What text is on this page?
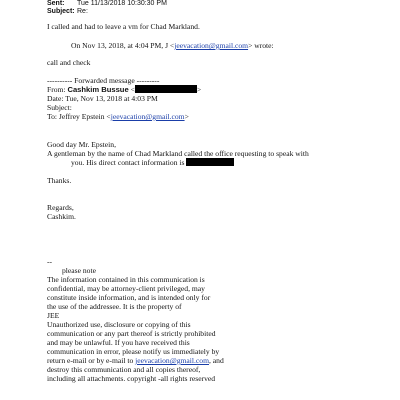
Sent: Tue 11/13/2018 10:30:30 PM
Subject: Re:
I called and had to leave a vm for Chad Markland.
On Nov 13, 2018, at 4:04 PM, J <jeevacation@gmail.com> wrote:
call and check
---------- Forwarded message ---------
From: Cashkim Bussue <	>
Date: Tue, Nov 13, 2018 at 4:03 PM
Subject:
To: Jeffrey Epstein <jeevacation@gmail.com>
Good day Mr. Epstein,
A gentleman by the name of Chad Markland called the office requesting to speak with
you. His direct contact information is
Thanks.
Regards,
Cashkim.
--
please note
The information contained in this communication is
confidential, may be attorney-client privileged, may
constitute inside information, and is intended only for
the use of the addressee. It is the property of
JEE
Unauthorized use, disclosure or copying of this
communication or any part thereof is strictly prohibited
and may be unlawful. If you have received this
communication in error, please notify us immediately by
return e-mail or by e-mail to jeevacation@gmail.com, and
destroy this communication and all copies thereof,
including all attachments. copyright -all rights reserved
